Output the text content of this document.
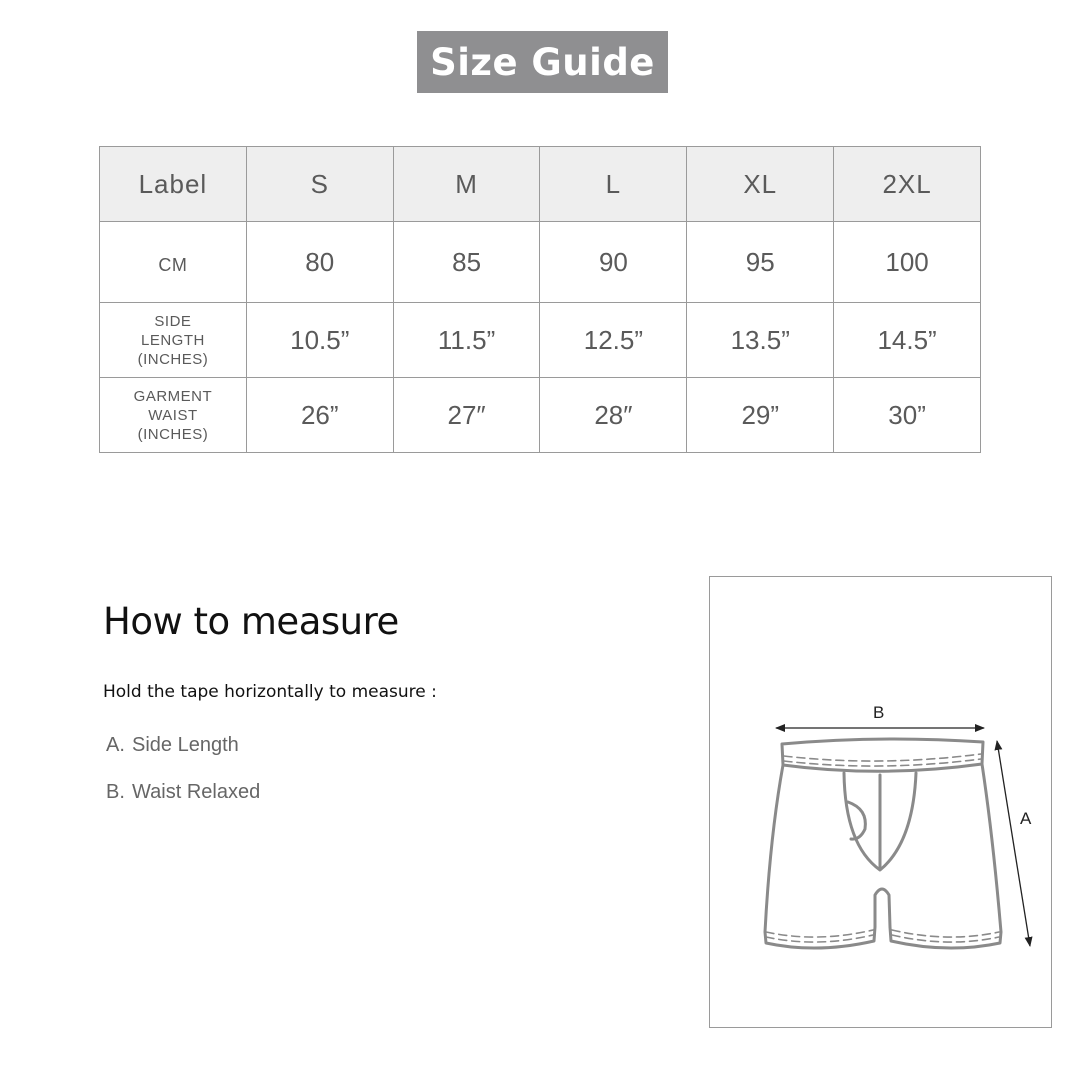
Size Guide
Label	S	M	L	XL	2XL
CM	80	85	90	95	100

SIDE
LENGTH
(INCHES)	10.5”	11.5”	12.5”	13.5”	14.5”

GARMENT
WAIST
(INCHES)	26”	27″	28″	29”	30”
How to measure
Hold the tape horizontally to measure :
A. Side Length
B. Waist Relaxed
B
A
